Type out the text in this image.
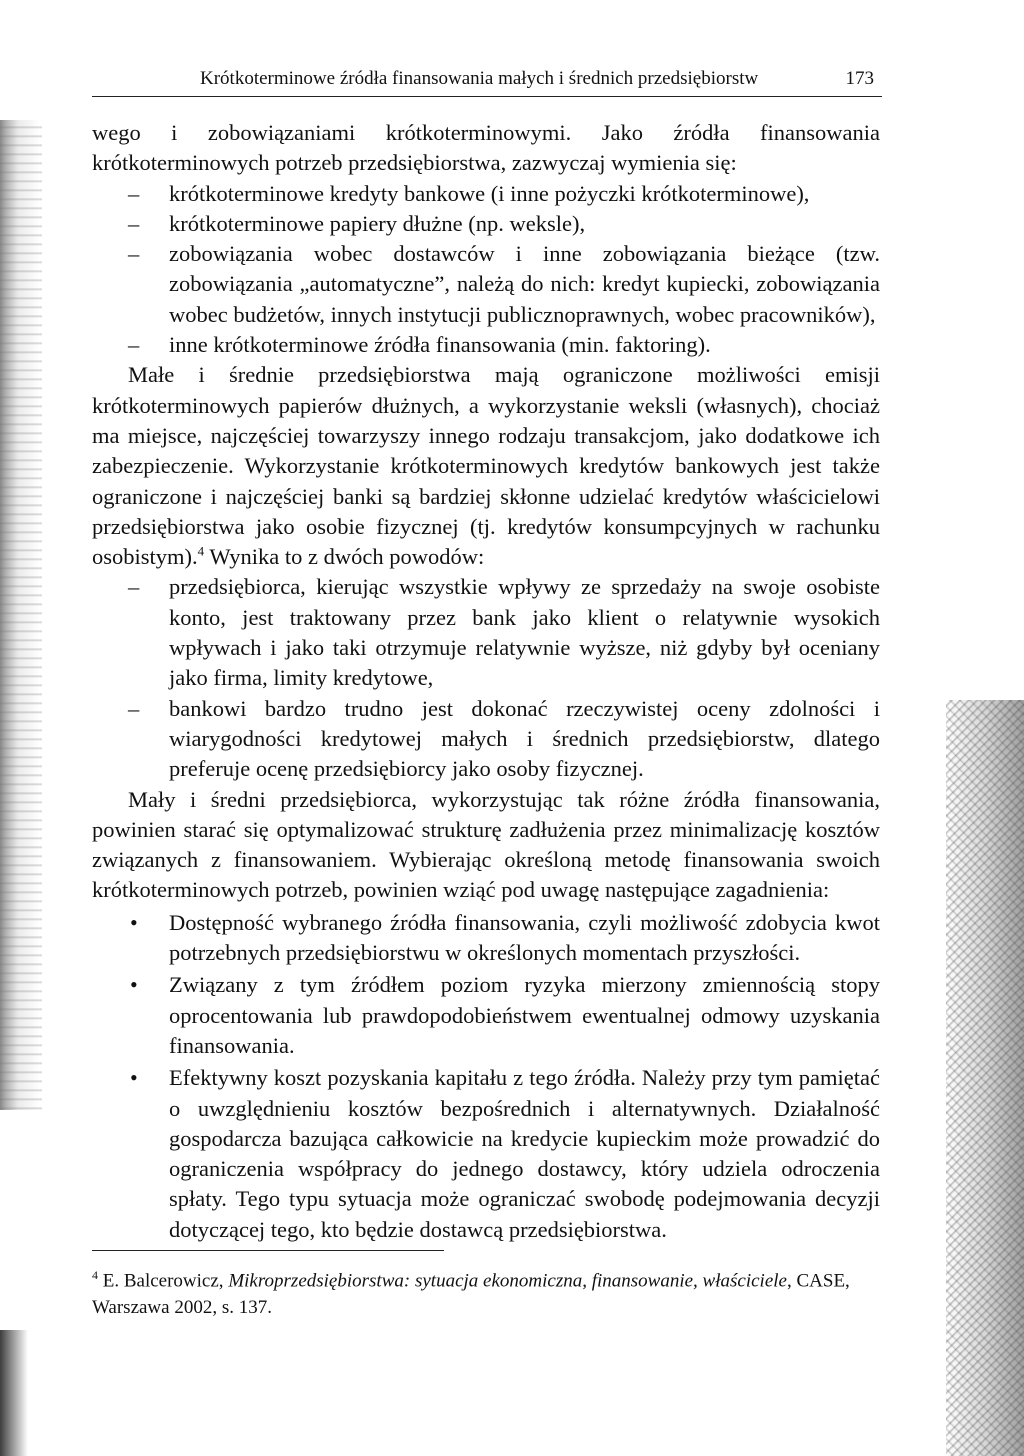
Krótkoterminowe źródła finansowania małych i średnich przedsiębiorstw	173

wego i zobowiązaniami krótkoterminowymi. Jako źródła finansowania krótkoterminowych potrzeb przedsiębiorstwa, zazwyczaj wymienia się:

– krótkoterminowe kredyty bankowe (i inne pożyczki krótkoterminowe),
– krótkoterminowe papiery dłużne (np. weksle),
– zobowiązania wobec dostawców i inne zobowiązania bieżące (tzw. zobowiązania „automatyczne”, należą do nich: kredyt kupiecki, zobowiązania wobec budżetów, innych instytucji publicznoprawnych, wobec pracowników),
– inne krótkoterminowe źródła finansowania (min. faktoring).

Małe i średnie przedsiębiorstwa mają ograniczone możliwości emisji krótkoterminowych papierów dłużnych, a wykorzystanie weksli (własnych), chociaż ma miejsce, najczęściej towarzyszy innego rodzaju transakcjom, jako dodatkowe ich zabezpieczenie. Wykorzystanie krótkoterminowych kredytów bankowych jest także ograniczone i najczęściej banki są bardziej skłonne udzielać kredytów właścicielowi przedsiębiorstwa jako osobie fizycznej (tj. kredytów konsumpcyjnych w rachunku osobistym).$^4$ Wynika to z dwóch powodów:

– przedsiębiorca, kierując wszystkie wpływy ze sprzedaży na swoje osobiste konto, jest traktowany przez bank jako klient o relatywnie wysokich wpływach i jako taki otrzymuje relatywnie wyższe, niż gdyby był oceniany jako firma, limity kredytowe,
– bankowi bardzo trudno jest dokonać rzeczywistej oceny zdolności i wiarygodności kredytowej małych i średnich przedsiębiorstw, dlatego preferuje ocenę przedsiębiorcy jako osoby fizycznej.

Mały i średni przedsiębiorca, wykorzystując tak różne źródła finansowania, powinien starać się optymalizować strukturę zadłużenia przez minimalizację kosztów związanych z finansowaniem. Wybierając określoną metodę finansowania swoich krótkoterminowych potrzeb, powinien wziąć pod uwagę następujące zagadnienia:

• Dostępność wybranego źródła finansowania, czyli możliwość zdobycia kwot potrzebnych przedsiębiorstwu w określonych momentach przyszłości.
• Związany z tym źródłem poziom ryzyka mierzony zmiennością stopy oprocentowania lub prawdopodobieństwem ewentualnej odmowy uzyskania finansowania.
• Efektywny koszt pozyskania kapitału z tego źródła. Należy przy tym pamiętać o uwzględnieniu kosztów bezpośrednich i alternatywnych. Działalność gospodarcza bazująca całkowicie na kredycie kupieckim może prowadzić do ograniczenia współpracy do jednego dostawcy, który udziela odroczenia spłaty. Tego typu sytuacja może ograniczać swobodę podejmowania decyzji dotyczącej tego, kto będzie dostawcą przedsiębiorstwa.
$^4$ E. Balcerowicz, Mikroprzedsiębiorstwa: sytuacja ekonomiczna, finansowanie, właściciele, CASE, Warszawa 2002, s. 137.
